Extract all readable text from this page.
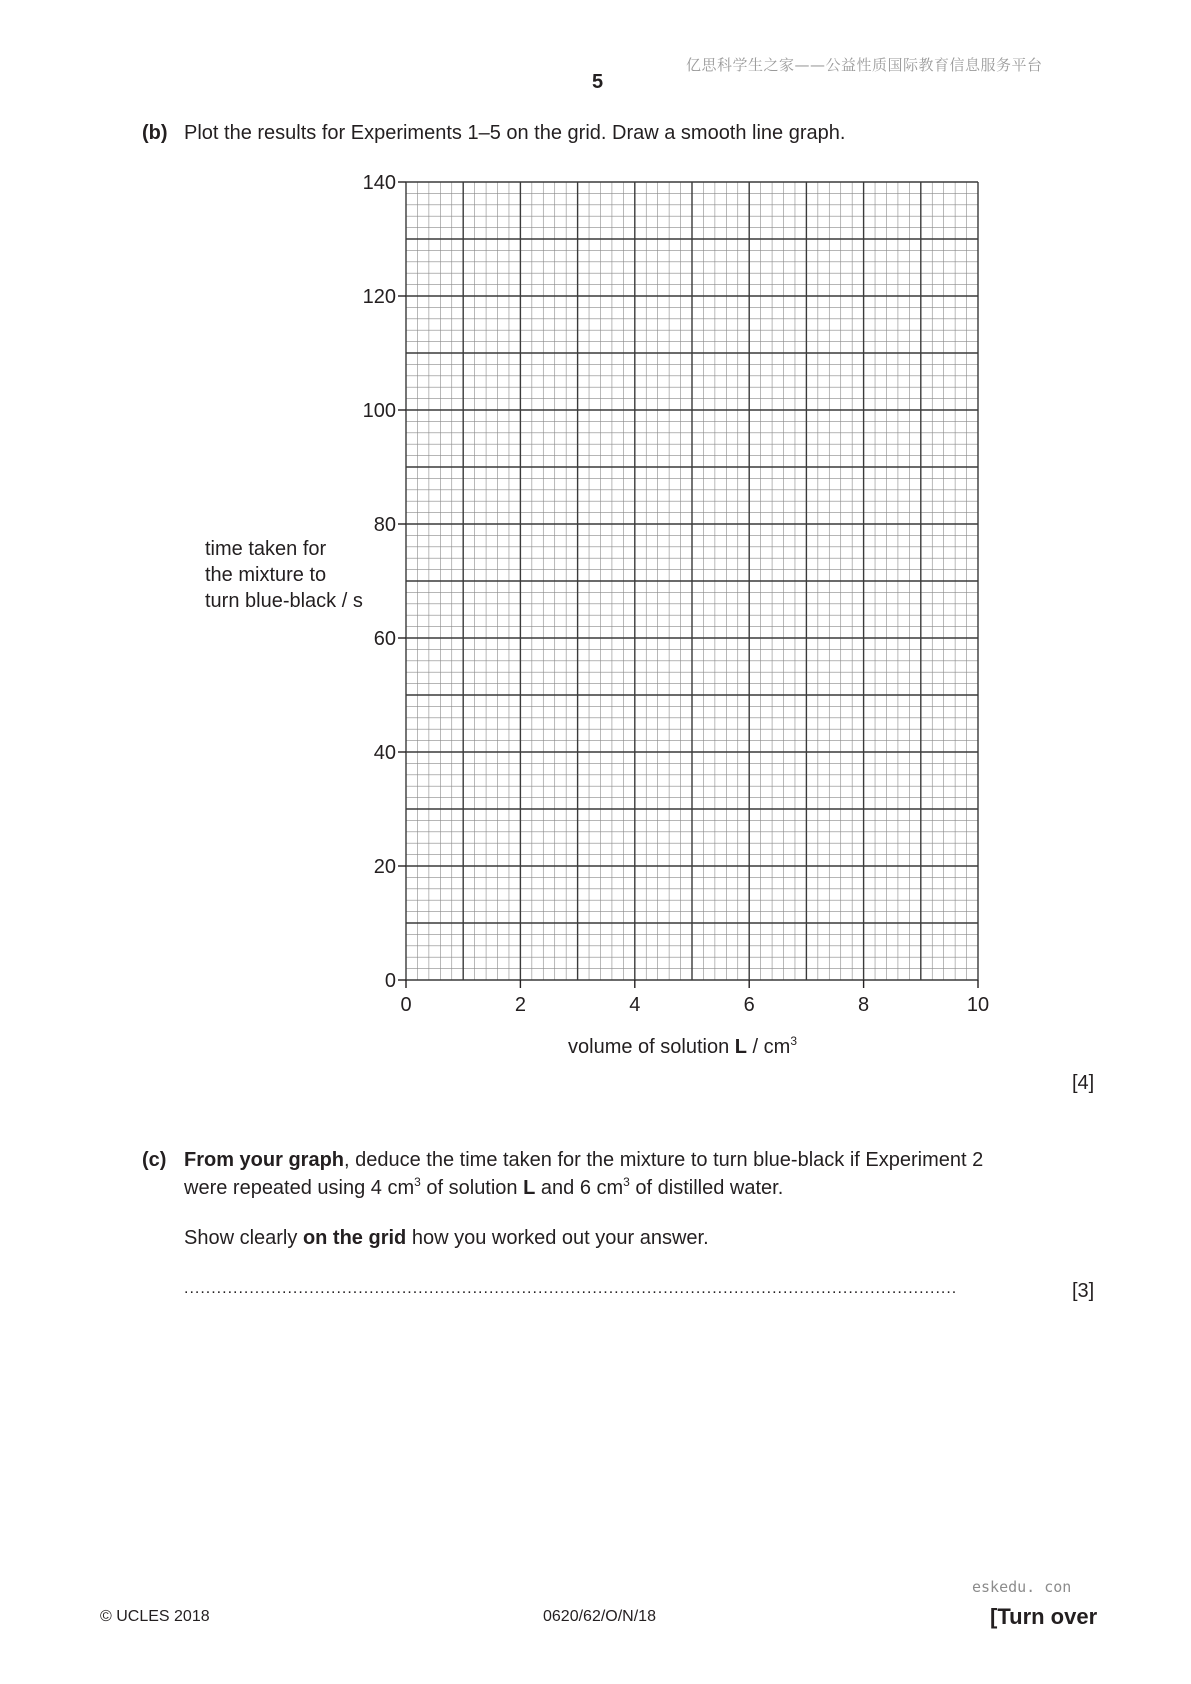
亿思科学生之家——公益性质国际教育信息服务平台
5
(b) Plot the results for Experiments 1–5 on the grid. Draw a smooth line graph.
time taken for
the mixture to
turn blue-black / s
0
20
40
60
80
100
120
140
0	2	4	6	8	10
volume of solution L / $cm^3$
[4]
(c) From your graph, deduce the time taken for the mixture to turn blue-black if Experiment 2
were repeated using 4 $cm^3$ of solution L and 6 $cm^3$ of distilled water.
Show clearly on the grid how you worked out your answer.
..............................................................................................................................................	[3]
eskedu. con
© UCLES 2018	0620/62/O/N/18	[Turn over
